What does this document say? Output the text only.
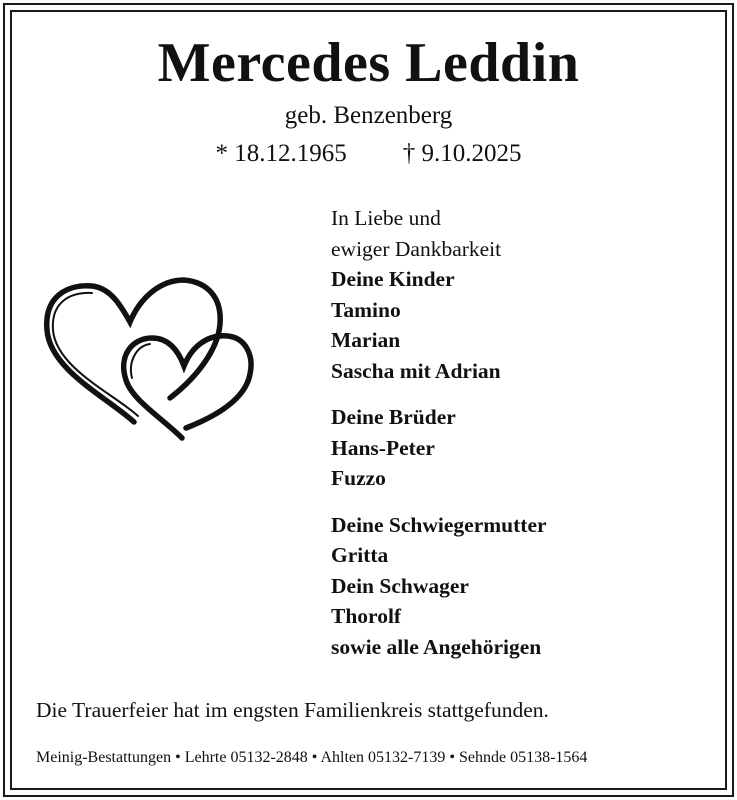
Mercedes Leddin
geb. Benzenberg
* 18.12.1965 † 9.10.2025
In Liebe und
ewiger Dankbarkeit
Deine Kinder
Tamino
Marian
Sascha mit Adrian
Deine Brüder
Hans-Peter
Fuzzo
Deine Schwiegermutter
Gritta
Dein Schwager
Thorolf
sowie alle Angehörigen
Die Trauerfeier hat im engsten Familienkreis stattgefunden.
Meinig-Bestattungen • Lehrte 05132-2848 • Ahlten 05132-7139 • Sehnde 05138-1564
